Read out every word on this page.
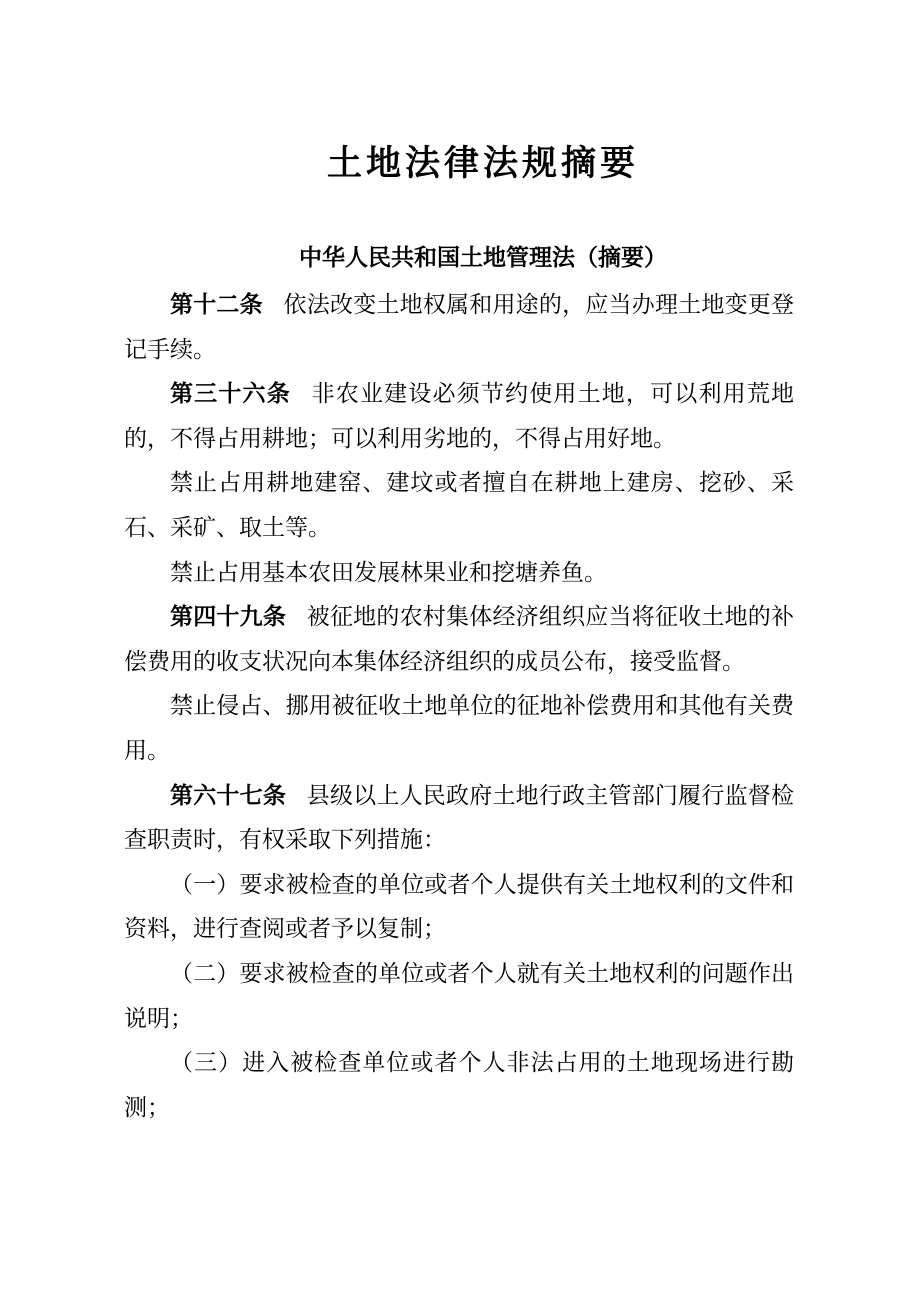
土地法律法规摘要
中华人民共和国土地管理法（摘要）

第十二条 依法改变土地权属和用途的，应当办理土地变更登记手续。

第三十六条 非农业建设必须节约使用土地，可以利用荒地的，不得占用耕地；可以利用劣地的，不得占用好地。

禁止占用耕地建窑、建坟或者擅自在耕地上建房、挖砂、采石、采矿、取土等。

禁止占用基本农田发展林果业和挖塘养鱼。

第四十九条 被征地的农村集体经济组织应当将征收土地的补偿费用的收支状况向本集体经济组织的成员公布，接受监督。

禁止侵占、挪用被征收土地单位的征地补偿费用和其他有关费用。

第六十七条 县级以上人民政府土地行政主管部门履行监督检查职责时，有权采取下列措施：

（一）要求被检查的单位或者个人提供有关土地权利的文件和资料，进行查阅或者予以复制；

（二）要求被检查的单位或者个人就有关土地权利的问题作出说明；

（三）进入被检查单位或者个人非法占用的土地现场进行勘测；
